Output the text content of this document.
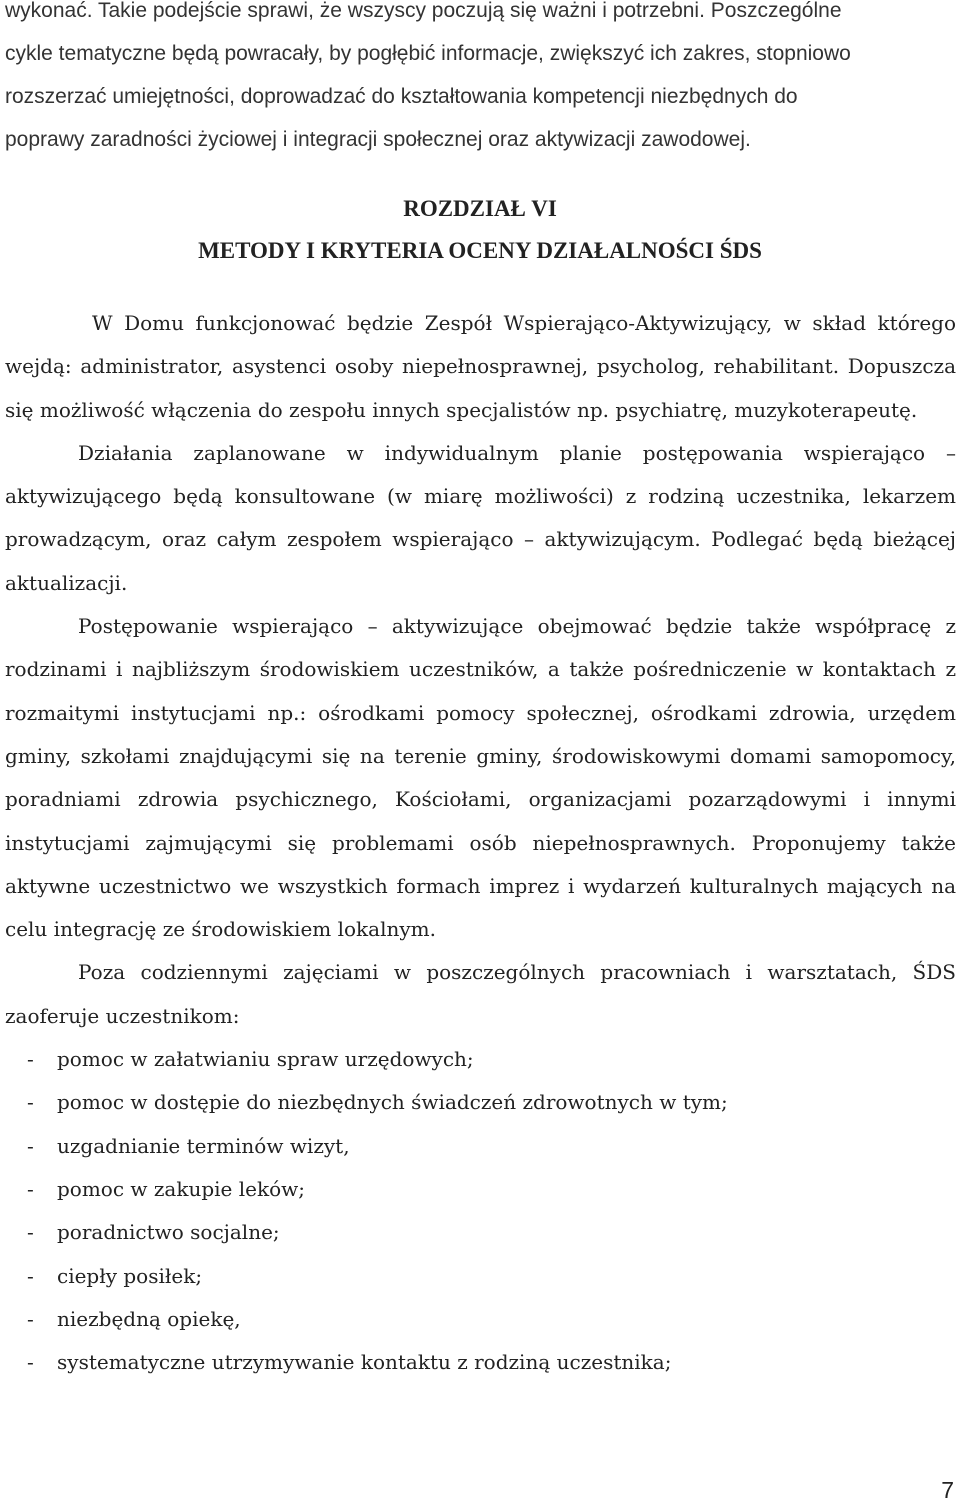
wykonać. Takie podejście sprawi, że wszyscy poczują się ważni i potrzebni. Poszczególne
cykle tematyczne będą powracały, by pogłębić informacje, zwiększyć ich zakres, stopniowo
rozszerzać umiejętności, doprowadzać do kształtowania kompetencji niezbędnych do
poprawy zaradności życiowej i integracji społecznej oraz aktywizacji zawodowej.
ROZDZIAŁ VI
METODY I KRYTERIA OCENY DZIAŁALNOŚCI ŚDS

W Domu funkcjonować będzie Zespół Wspierająco-Aktywizujący, w skład którego wejdą: administrator, asystenci osoby niepełnosprawnej, psycholog, rehabilitant. Dopuszcza się możliwość włączenia do zespołu innych specjalistów np. psychiatrę, muzykoterapeutę.

Działania zaplanowane w indywidualnym planie postępowania wspierająco – aktywizującego będą konsultowane (w miarę możliwości) z rodziną uczestnika, lekarzem prowadzącym, oraz całym zespołem wspierająco – aktywizującym. Podlegać będą bieżącej aktualizacji.

Postępowanie wspierająco – aktywizujące obejmować będzie także współpracę z rodzinami i najbliższym środowiskiem uczestników, a także pośredniczenie w kontaktach z rozmaitymi instytucjami np.: ośrodkami pomocy społecznej, ośrodkami zdrowia, urzędem gminy, szkołami znajdującymi się na terenie gminy, środowiskowymi domami samopomocy, poradniami zdrowia psychicznego, Kościołami, organizacjami pozarządowymi i innymi instytucjami zajmującymi się problemami osób niepełnosprawnych. Proponujemy także aktywne uczestnictwo we wszystkich formach imprez i wydarzeń kulturalnych mających na celu integrację ze środowiskiem lokalnym.

Poza codziennymi zajęciami w poszczególnych pracowniach i warsztatach, ŚDS zaoferuje uczestnikom:

- pomoc w załatwianiu spraw urzędowych;
- pomoc w dostępie do niezbędnych świadczeń zdrowotnych w tym;
- uzgadnianie terminów wizyt,
- pomoc w zakupie leków;
- poradnictwo socjalne;
- ciepły posiłek;
- niezbędną opiekę,
- systematyczne utrzymywanie kontaktu z rodziną uczestnika;
7
